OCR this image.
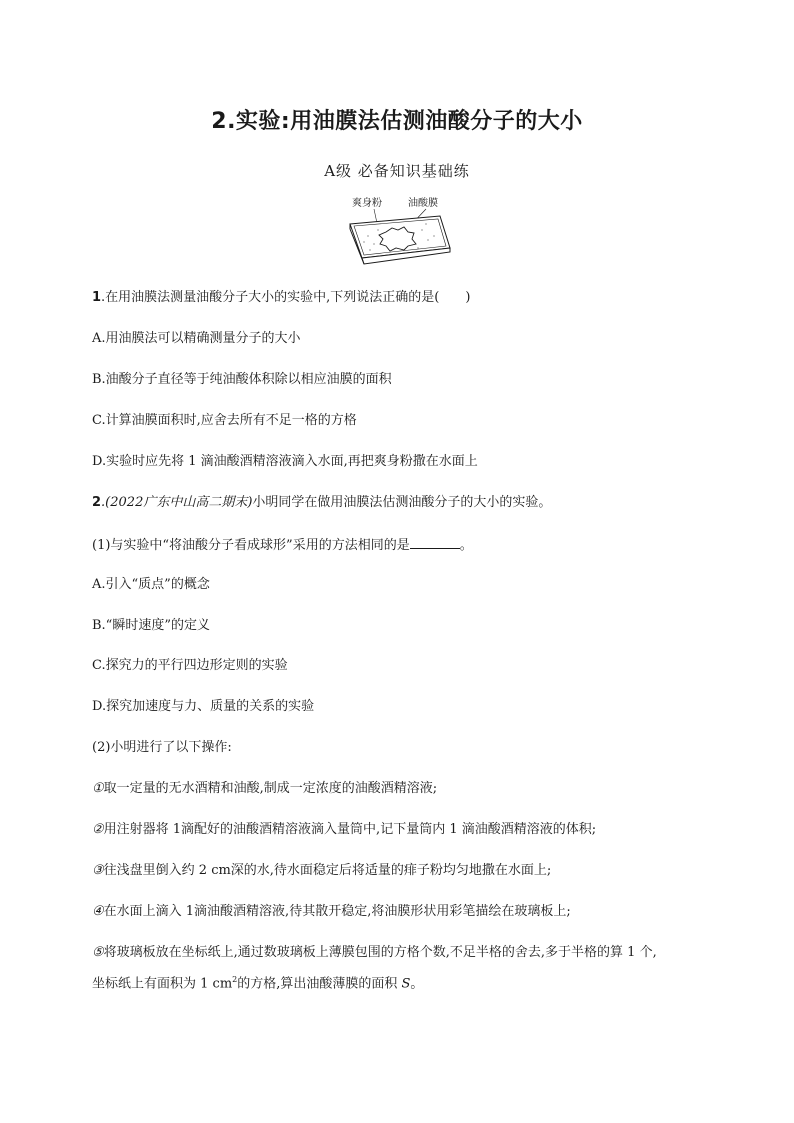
2.实验:用油膜法估测油酸分子的大小
A级 必备知识基础练
爽身粉	油酸膜
1.在用油膜法测量油酸分子大小的实验中,下列说法正确的是( )
A.用油膜法可以精确测量分子的大小
B.油酸分子直径等于纯油酸体积除以相应油膜的面积
C.计算油膜面积时,应舍去所有不足一格的方格
D.实验时应先将 1 滴油酸酒精溶液滴入水面,再把爽身粉撒在水面上
2.(2022广东中山高二期末)小明同学在做用油膜法估测油酸分子的大小的实验。
(1)与实验中“将油酸分子看成球形”采用的方法相同的是	。
A.引入“质点”的概念
B.“瞬时速度”的定义
C.探究力的平行四边形定则的实验
D.探究加速度与力、质量的关系的实验
(2)小明进行了以下操作:
①取一定量的无水酒精和油酸,制成一定浓度的油酸酒精溶液;
②用注射器将 1滴配好的油酸酒精溶液滴入量筒中,记下量筒内 1 滴油酸酒精溶液的体积;
③往浅盘里倒入约 2 cm深的水,待水面稳定后将适量的痱子粉均匀地撒在水面上;
④在水面上滴入 1滴油酸酒精溶液,待其散开稳定,将油膜形状用彩笔描绘在玻璃板上;
⑤将玻璃板放在坐标纸上,通过数玻璃板上薄膜包围的方格个数,不足半格的舍去,多于半格的算 1 个,
坐标纸上有面积为 1 $cm^2$的方格,算出油酸薄膜的面积 S。
